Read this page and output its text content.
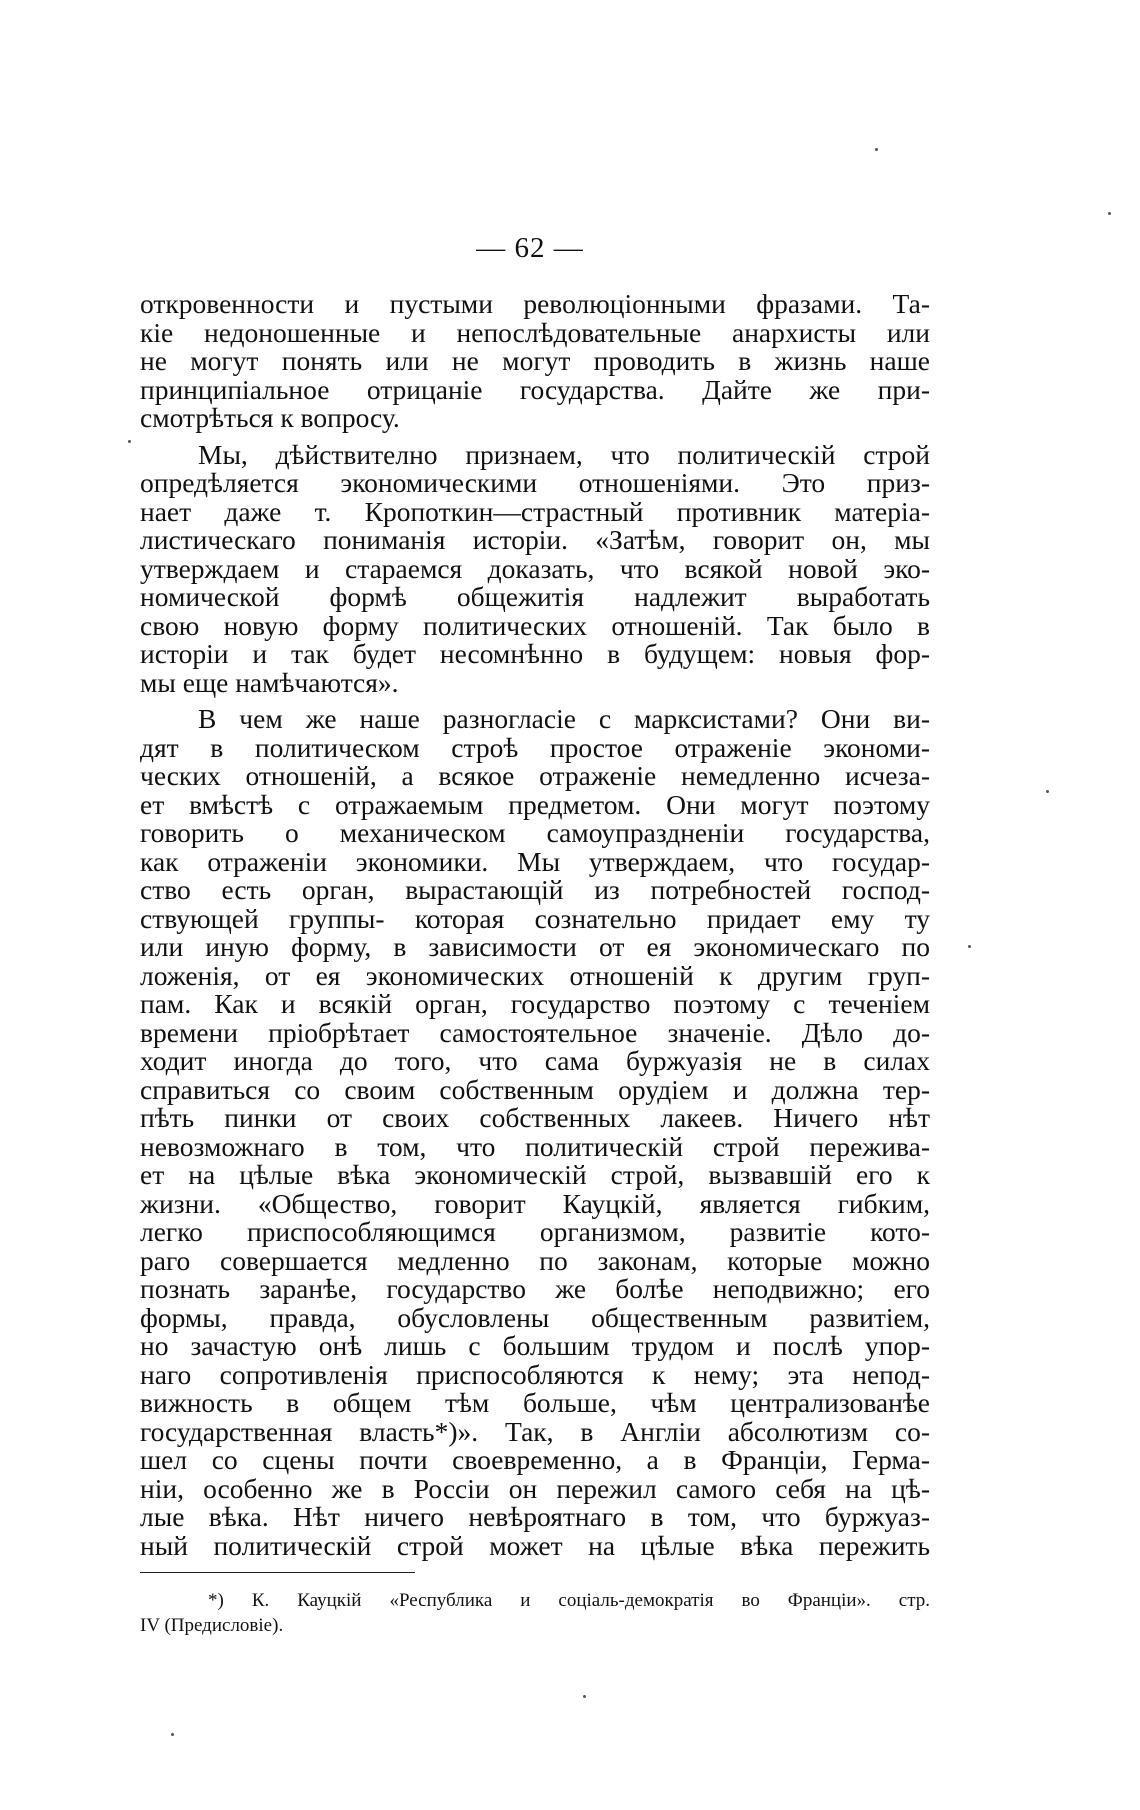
— 62 —
откровенности и пустыми революціонными фразами. Та-
кіе недоношенные и непослѣдовательные анархисты или
не могут понять или не могут проводить в жизнь наше
принципіальное отрицаніе государства. Дайте же при-
смотрѣться к вопросу.
Мы, дѣйствително признаем, что политическій строй
опредѣляется экономическими отношеніями. Это приз-
нает даже т. Кропоткин—страстный противник матеріа-
листическаго пониманія исторіи. «Затѣм, говорит он, мы
утверждаем и стараемся доказать, что всякой новой эко-
номической формѣ общежитія надлежит выработать
свою новую форму политических отношеній. Так было в
исторіи и так будет несомнѣнно в будущем: новыя фор-
мы еще намѣчаются».
В чем же наше разногласіе с марксистами? Они ви-
дят в политическом строѣ простое отраженіе экономи-
ческих отношеній, а всякое отраженіе немедленно исчеза-
ет вмѣстѣ с отражаемым предметом. Они могут поэтому
говорить о механическом самоупраздненіи государства,
как отраженіи экономики. Мы утверждаем, что государ-
ство есть орган, вырастающій из потребностей господ-
ствующей группы- которая сознательно придает ему ту
или иную форму, в зависимости от ея экономическаго по
ложенія, от ея экономических отношеній к другим груп-
пам. Как и всякій орган, государство поэтому с теченіем
времени пріобрѣтает самостоятельное значеніе. Дѣло до-
ходит иногда до того, что сама буржуазія не в силах
справиться со своим собственным орудіем и должна тер-
пѣть пинки от своих собственных лакеев. Ничего нѣт
невозможнаго в том, что политическій строй пережива-
ет на цѣлые вѣка экономическій строй, вызвавшій его к
жизни. «Общество, говорит Кауцкій, является гибким,
легко приспособляющимся организмом, развитіе кото-
раго совершается медленно по законам, которые можно
познать заранѣе, государство же болѣе неподвижно; его
формы, правда, обусловлены общественным развитіем,
но зачастую онѣ лишь с большим трудом и послѣ упор-
наго сопротивленія приспособляются к нему; эта непод-
вижность в общем тѣм больше, чѣм централизованѣе
государственная власть*)». Так, в Англіи абсолютизм со-
шел со сцены почти своевременно, а в Франціи, Герма-
ніи, особенно же в Россіи он пережил самого себя на цѣ-
лые вѣка. Нѣт ничего невѣроятнаго в том, что буржуаз-
ный политическій строй может на цѣлые вѣка пережить
*) К. Кауцкій «Республика и соціаль-демократія во Франціи». стр.
IV (Предисловіе).
